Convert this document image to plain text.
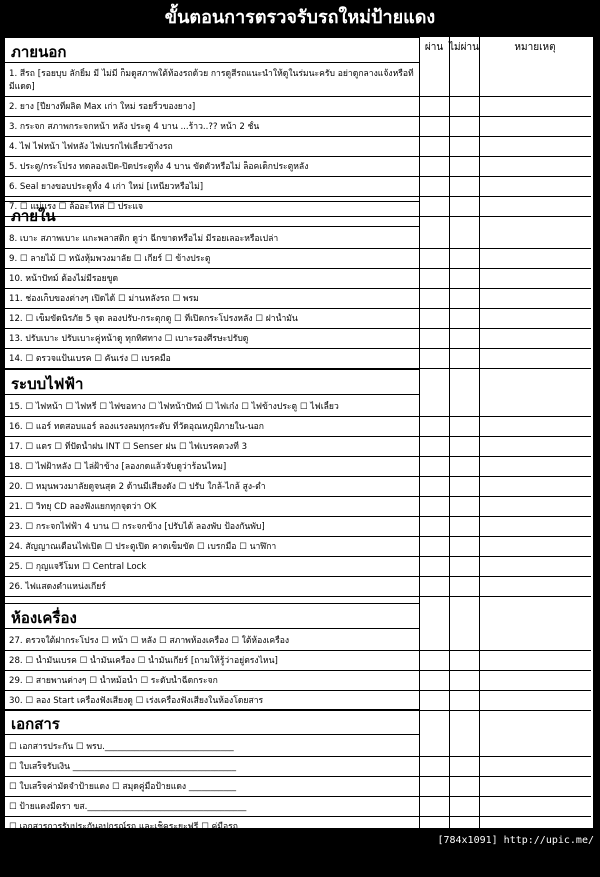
ขั้นตอนการตรวจรับรถใหม่ป้ายแดง
ผ่าน ไม่ผ่าน	หมายเหตุ
ภายนอก
1. สีรถ [รอยบุบ ลักยิ้ม มี ไม่มี ก็มดูสภาพใต้ท้องรถด้วย การดูสีรถแนะนำให้ดูในร่มนะครับ อย่าดูกลางแจ้งหรือที่มีแดด]
2. ยาง [ปียางที่ผลิต Max เก่า ใหม่ รอยริ้วของยาง]
3. กระจก สภาพกระจกหน้า หลัง ประตู 4 บาน ...ร้าว..?? หน้า 2 ชั้น
4. ไฟ ไฟหน้า ไฟหลัง ไฟเบรกไฟเลี้ยวข้างรถ
5. ประตู/กระโปรง ทดลองเปิด-ปิดประตูทั้ง 4 บาน ขัดตัวหรือไม่ ล็อคเด็กประตูหลัง
6. Seal ยางขอบประตูทั้ง 4 เก่า ใหม่ [เหนียวหรือไม่]
7. ☐ แม่แรง ☐ ล้ออะไหล่ ☐ ประแจ
ภายใน
8. เบาะ สภาพเบาะ แกะพลาสติก ดูว่า ฉีกขาดหรือไม่ มีรอยเลอะหรือเปล่า
9. ☐ ลายไม้ ☐ หนังหุ้มพวงมาลัย ☐ เกียร์ ☐ ข้างประตู
10. หน้าปัทม์ ต้องไม่มีรอยขูด
11. ช่องเก็บของต่างๆ เปิดได้ ☐ ม่านหลังรถ ☐ พรม
12. ☐ เข็มขัดนิรภัย 5 จุด ลองปรับ-กระตุกดู ☐ ที่เปิดกระโปรงหลัง ☐ ฝาน้ำมัน
13. ปรับเบาะ ปรับเบาะคู่หน้าดู ทุกทิศทาง ☐ เบาะรองศีรษะปรับดู
14. ☐ ตรวจแป้นเบรค ☐ คันเร่ง ☐ เบรคมือ
ระบบไฟฟ้า
15. ☐ ไฟหน้า ☐ ไฟหรี่ ☐ ไฟขอทาง ☐ ไฟหน้าปัทม์ ☐ ไฟเก๋ง ☐ ไฟข้างประตู ☐ ไฟเลี้ยว
16. ☐ แอร์ ทดสอบแอร์ ลองแรงลมทุกระดับ ที่วัดอุณหภูมิภายใน-นอก
17. ☐ แตร ☐ ที่ปัดน้ำฝน INT ☐ Senser ฝน ☐ ไฟเบรคดวงที่ 3
18. ☐ ไฟฝ้าหลัง ☐ ไล่ฝ้าข้าง [ลองกดแล้วจับดูว่าร้อนไหม]
20. ☐ หมุนพวงมาลัยดูจนสุด 2 ด้านมีเสียงดัง ☐ ปรับ ใกล้-ไกล้ สูง-ต่ำ
21. ☐ วิทยุ CD ลองฟังแยกทุกจุดว่า OK
23. ☐ กระจกไฟฟ้า 4 บาน ☐ กระจกข้าง [ปรับได้ ลองพับ ป้องกันพับ]
24. สัญญาณเตือนไฟเปิด ☐ ประตูเปิด คาดเข็มขัด ☐ เบรกมือ ☐ นาฬิกา
25. ☐ กุญแจรีโมท ☐ Central Lock
26. ไฟแสดงตำแหน่งเกียร์
ห้องเครื่อง
27. ตรวจใต้ฝากระโปรง ☐ หน้า ☐ หลัง ☐ สภาพห้องเครื่อง ☐ ใต้ห้องเครื่อง
28. ☐ น้ำมันเบรค ☐ น้ำมันเครื่อง ☐ น้ำมันเกียร์ [ถามให้รู้ว่าอยู่ตรงไหน]
29. ☐ สายพานต่างๆ ☐ น้ำหม้อน้ำ ☐ ระดับน้ำฉีดกระจก
30. ☐ ลอง Start เครื่องฟังเสียงดู ☐ เร่งเครื่องฟังเสียงในห้องโดยสาร
เอกสาร
☐ เอกสารประกัน ☐ พรบ.______________________________
☐ ใบเสร็จรับเงิน ______________________________________
☐ ใบเสร็จค่ามัดจำป้ายแดง ☐ สมุดคู่มือป้ายแดง ___________
☐ ป้ายแดงมีตรา ขส._____________________________________
☐ เอกสารการรับประกันอุปกรณ์รถ และเช็คระยะฟรี ☐ คู่มือรถ
☐ เอกสารเซ็นต์เตรียมจดทะเบียน _________________________
☐ ของแถมต่างๆ ตามตกลงในใบจอง _________________________
[784x1091] http://upic.me/
